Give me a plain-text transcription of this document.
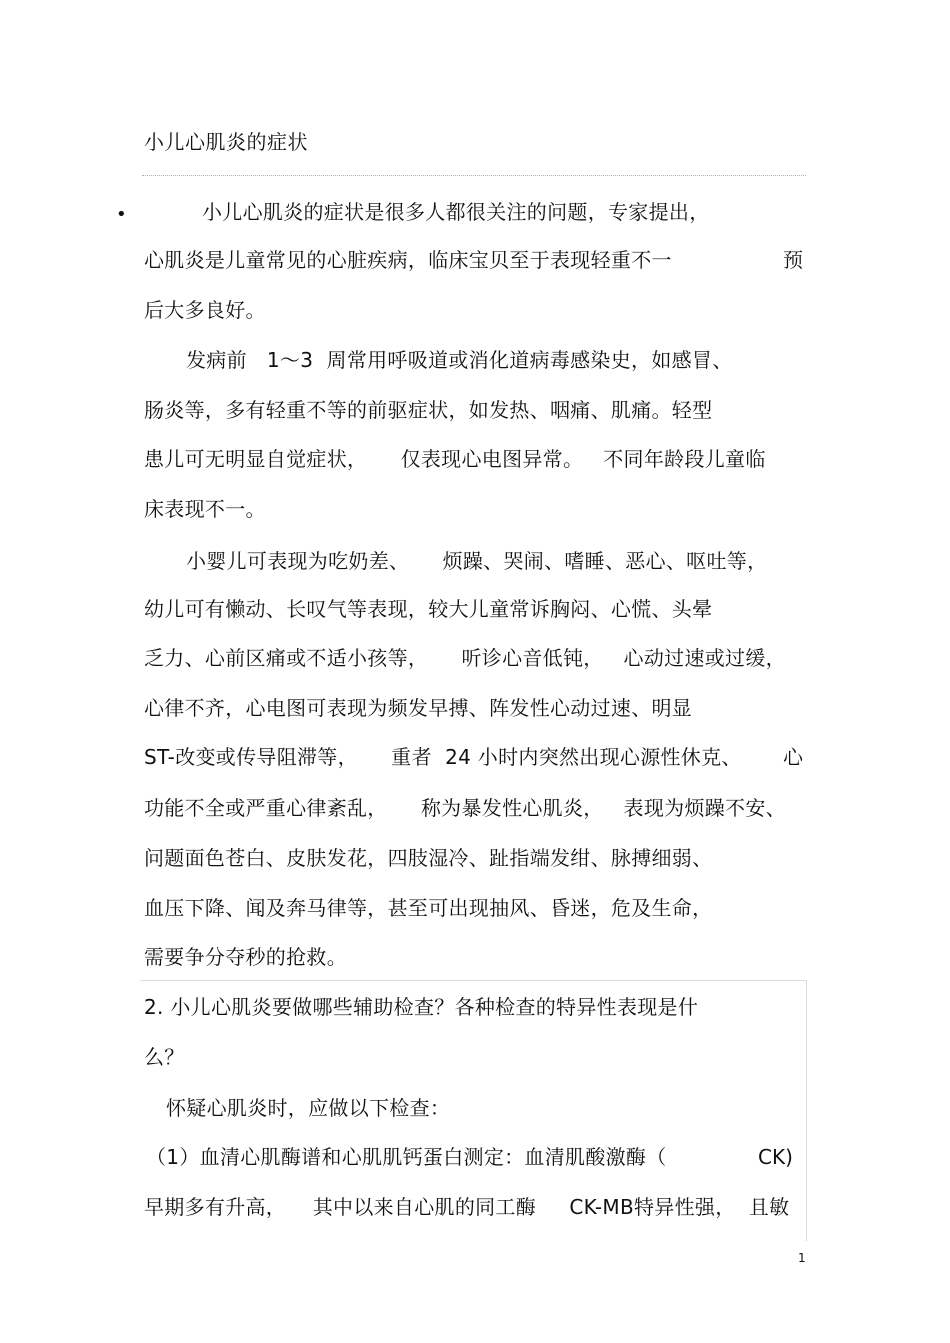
小儿心肌炎的症状
•	小儿心肌炎的症状是很多人都很关注的问题，专家提出，
心肌炎是儿童常见的心脏疾病，临床宝贝至于表现轻重不一	预
后大多良好。
发病前   1～3  周常用呼吸道或消化道病毒感染史，如感冒、
肠炎等，多有轻重不等的前驱症状，如发热、咽痛、肌痛。轻型
患儿可无明显自觉症状，     仅表现心电图异常。   不同年龄段儿童临
床表现不一。
小婴儿可表现为吃奶差、     烦躁、哭闹、嗜睡、恶心、呕吐等，
幼儿可有懒动、长叹气等表现，较大儿童常诉胸闷、心慌、头晕
乏力、心前区痛或不适小孩等，     听诊心音低钝，   心动过速或过缓，
心律不齐，心电图可表现为频发早搏、阵发性心动过速、明显
ST-改变或传导阻滞等，     重者  24 小时内突然出现心源性休克、 心
功能不全或严重心律紊乱，     称为暴发性心肌炎，   表现为烦躁不安、
问题面色苍白、皮肤发花，四肢湿冷、趾指端发绀、脉搏细弱、
血压下降、闻及奔马律等，甚至可出现抽风、昏迷，危及生命，
需要争分夺秒的抢救。
2. 小儿心肌炎要做哪些辅助检查？各种检查的特异性表现是什
么？
怀疑心肌炎时，应做以下检查：
（1）血清心肌酶谱和心肌肌钙蛋白测定：血清肌酸激酶（	CK)
早期多有升高，    其中以来自心肌的同工酶     CK-MB特异性强，  且敏
1
